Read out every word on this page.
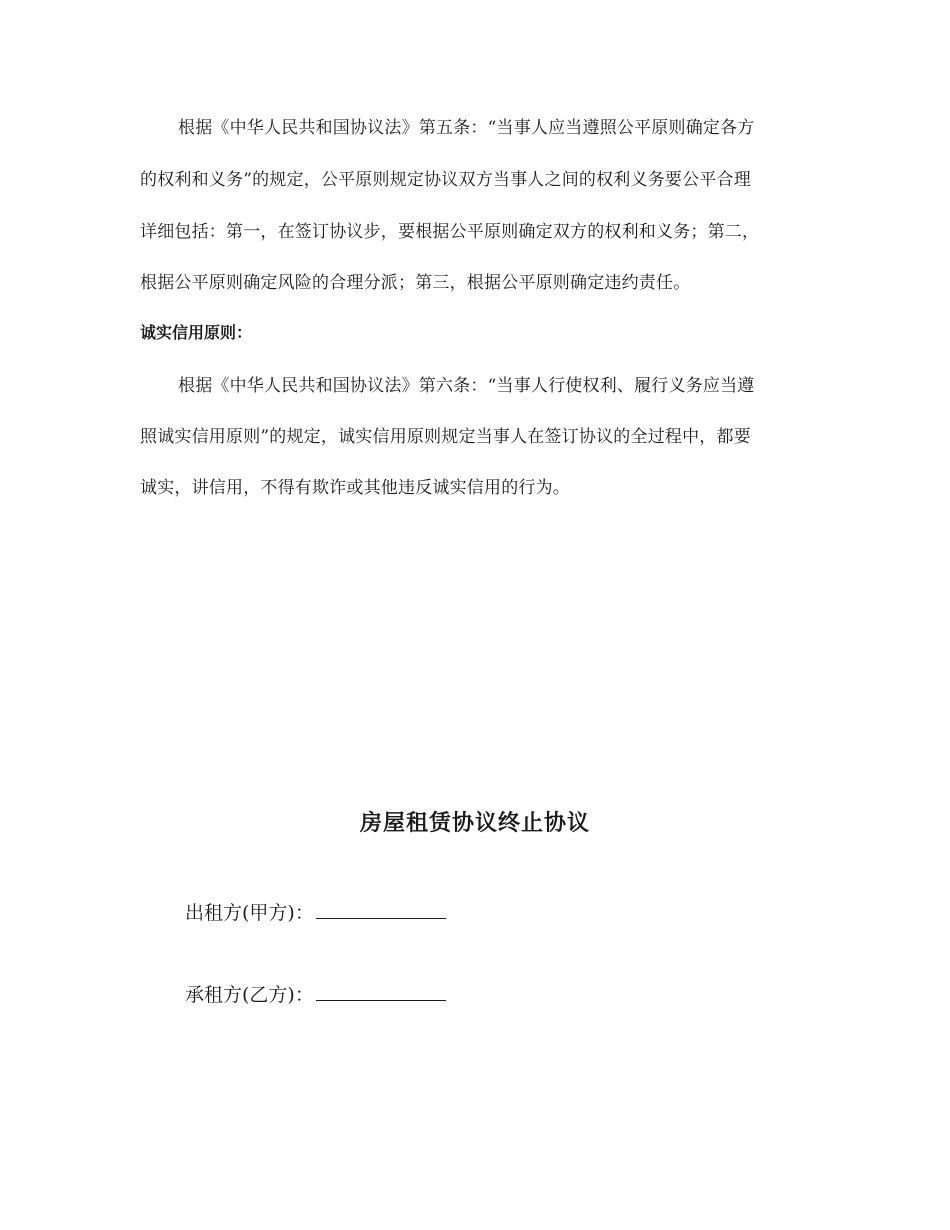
根据《中华人民共和国协议法》第五条：“当事人应当遵照公平原则确定各方
的权利和义务”的规定，公平原则规定协议双方当事人之间的权利义务要公平合理
详细包括：第一，在签订协议步，要根据公平原则确定双方的权利和义务；第二，
根据公平原则确定风险的合理分派；第三，根据公平原则确定违约责任。
诚实信用原则：
根据《中华人民共和国协议法》第六条：“当事人行使权利、履行义务应当遵
照诚实信用原则”的规定，诚实信用原则规定当事人在签订协议的全过程中，都要
诚实，讲信用，不得有欺诈或其他违反诚实信用的行为。
房屋租赁协议终止协议
出租方(甲方)：
承租方(乙方)：
